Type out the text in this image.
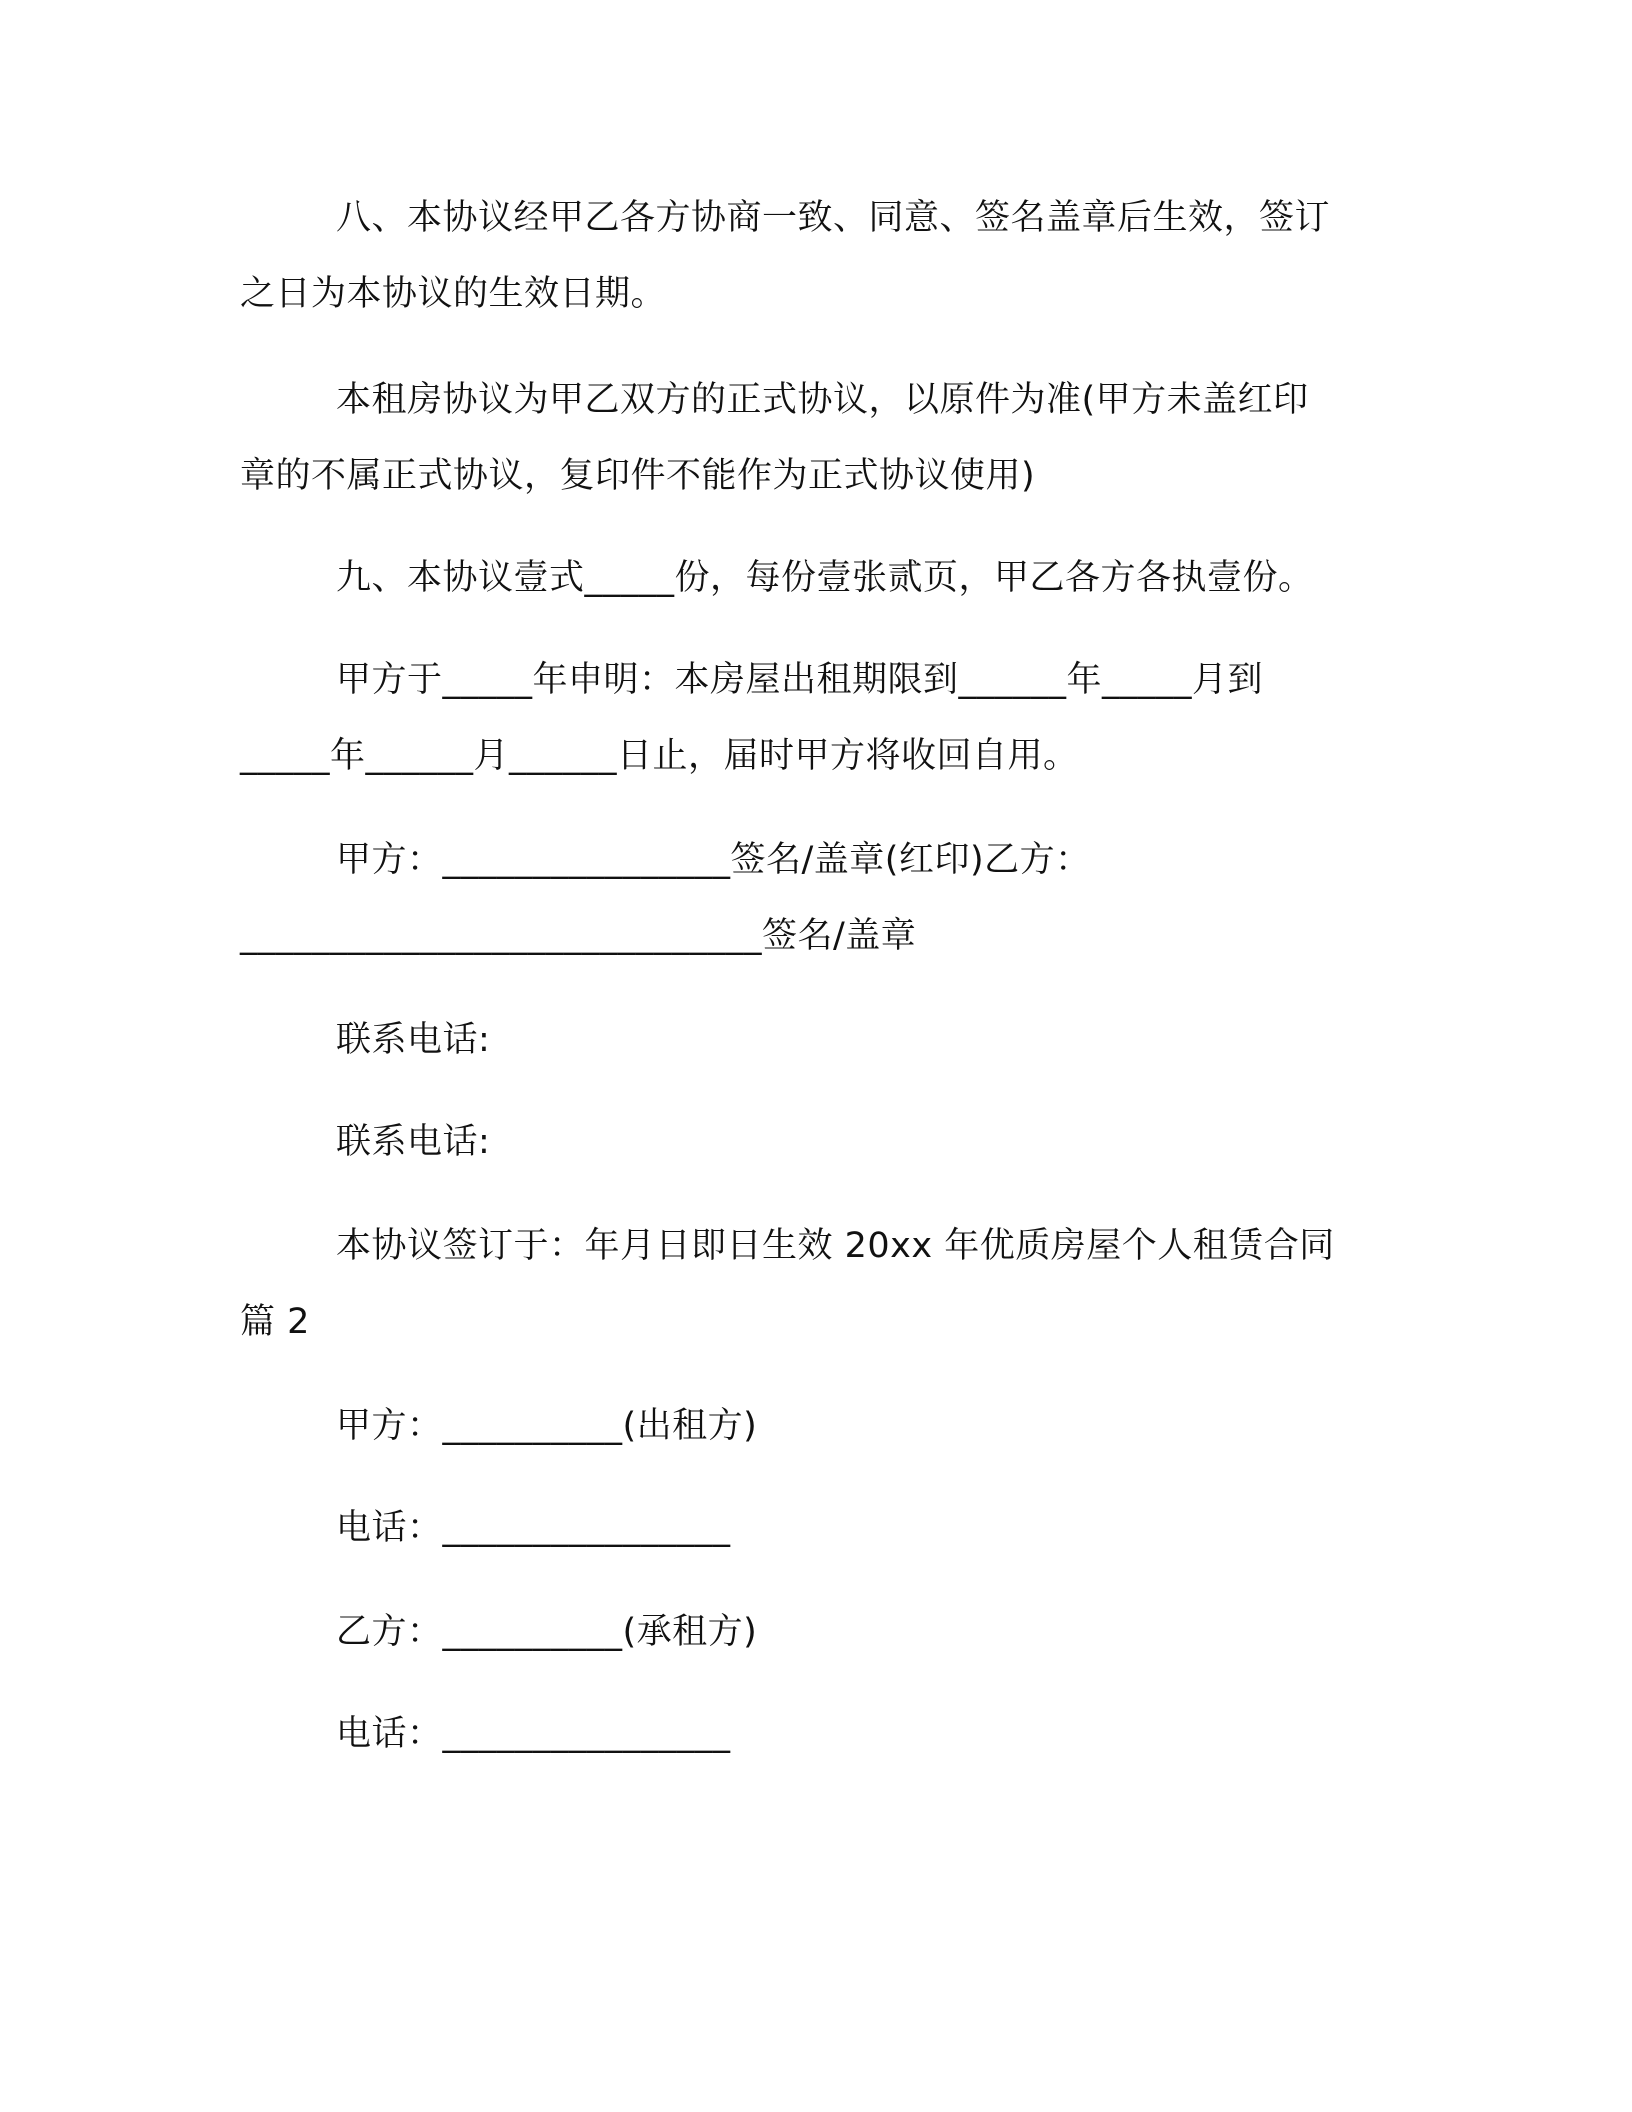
八、本协议经甲乙各方协商一致、同意、签名盖章后生效，签订
之日为本协议的生效日期。
本租房协议为甲乙双方的正式协议，以原件为准(甲方未盖红印
章的不属正式协议，复印件不能作为正式协议使用)
九、本协议壹式_____份，每份壹张贰页，甲乙各方各执壹份。
甲方于_____年申明：本房屋出租期限到______年_____月到
_____年______月______日止，届时甲方将收回自用。
甲方：________________签名/盖章(红印)乙方：
_____________________________签名/盖章
联系电话:
联系电话:
本协议签订于：年月日即日生效 20xx 年优质房屋个人租赁合同
篇 2
甲方：__________(出租方)
电话：________________
乙方：__________(承租方)
电话：________________
